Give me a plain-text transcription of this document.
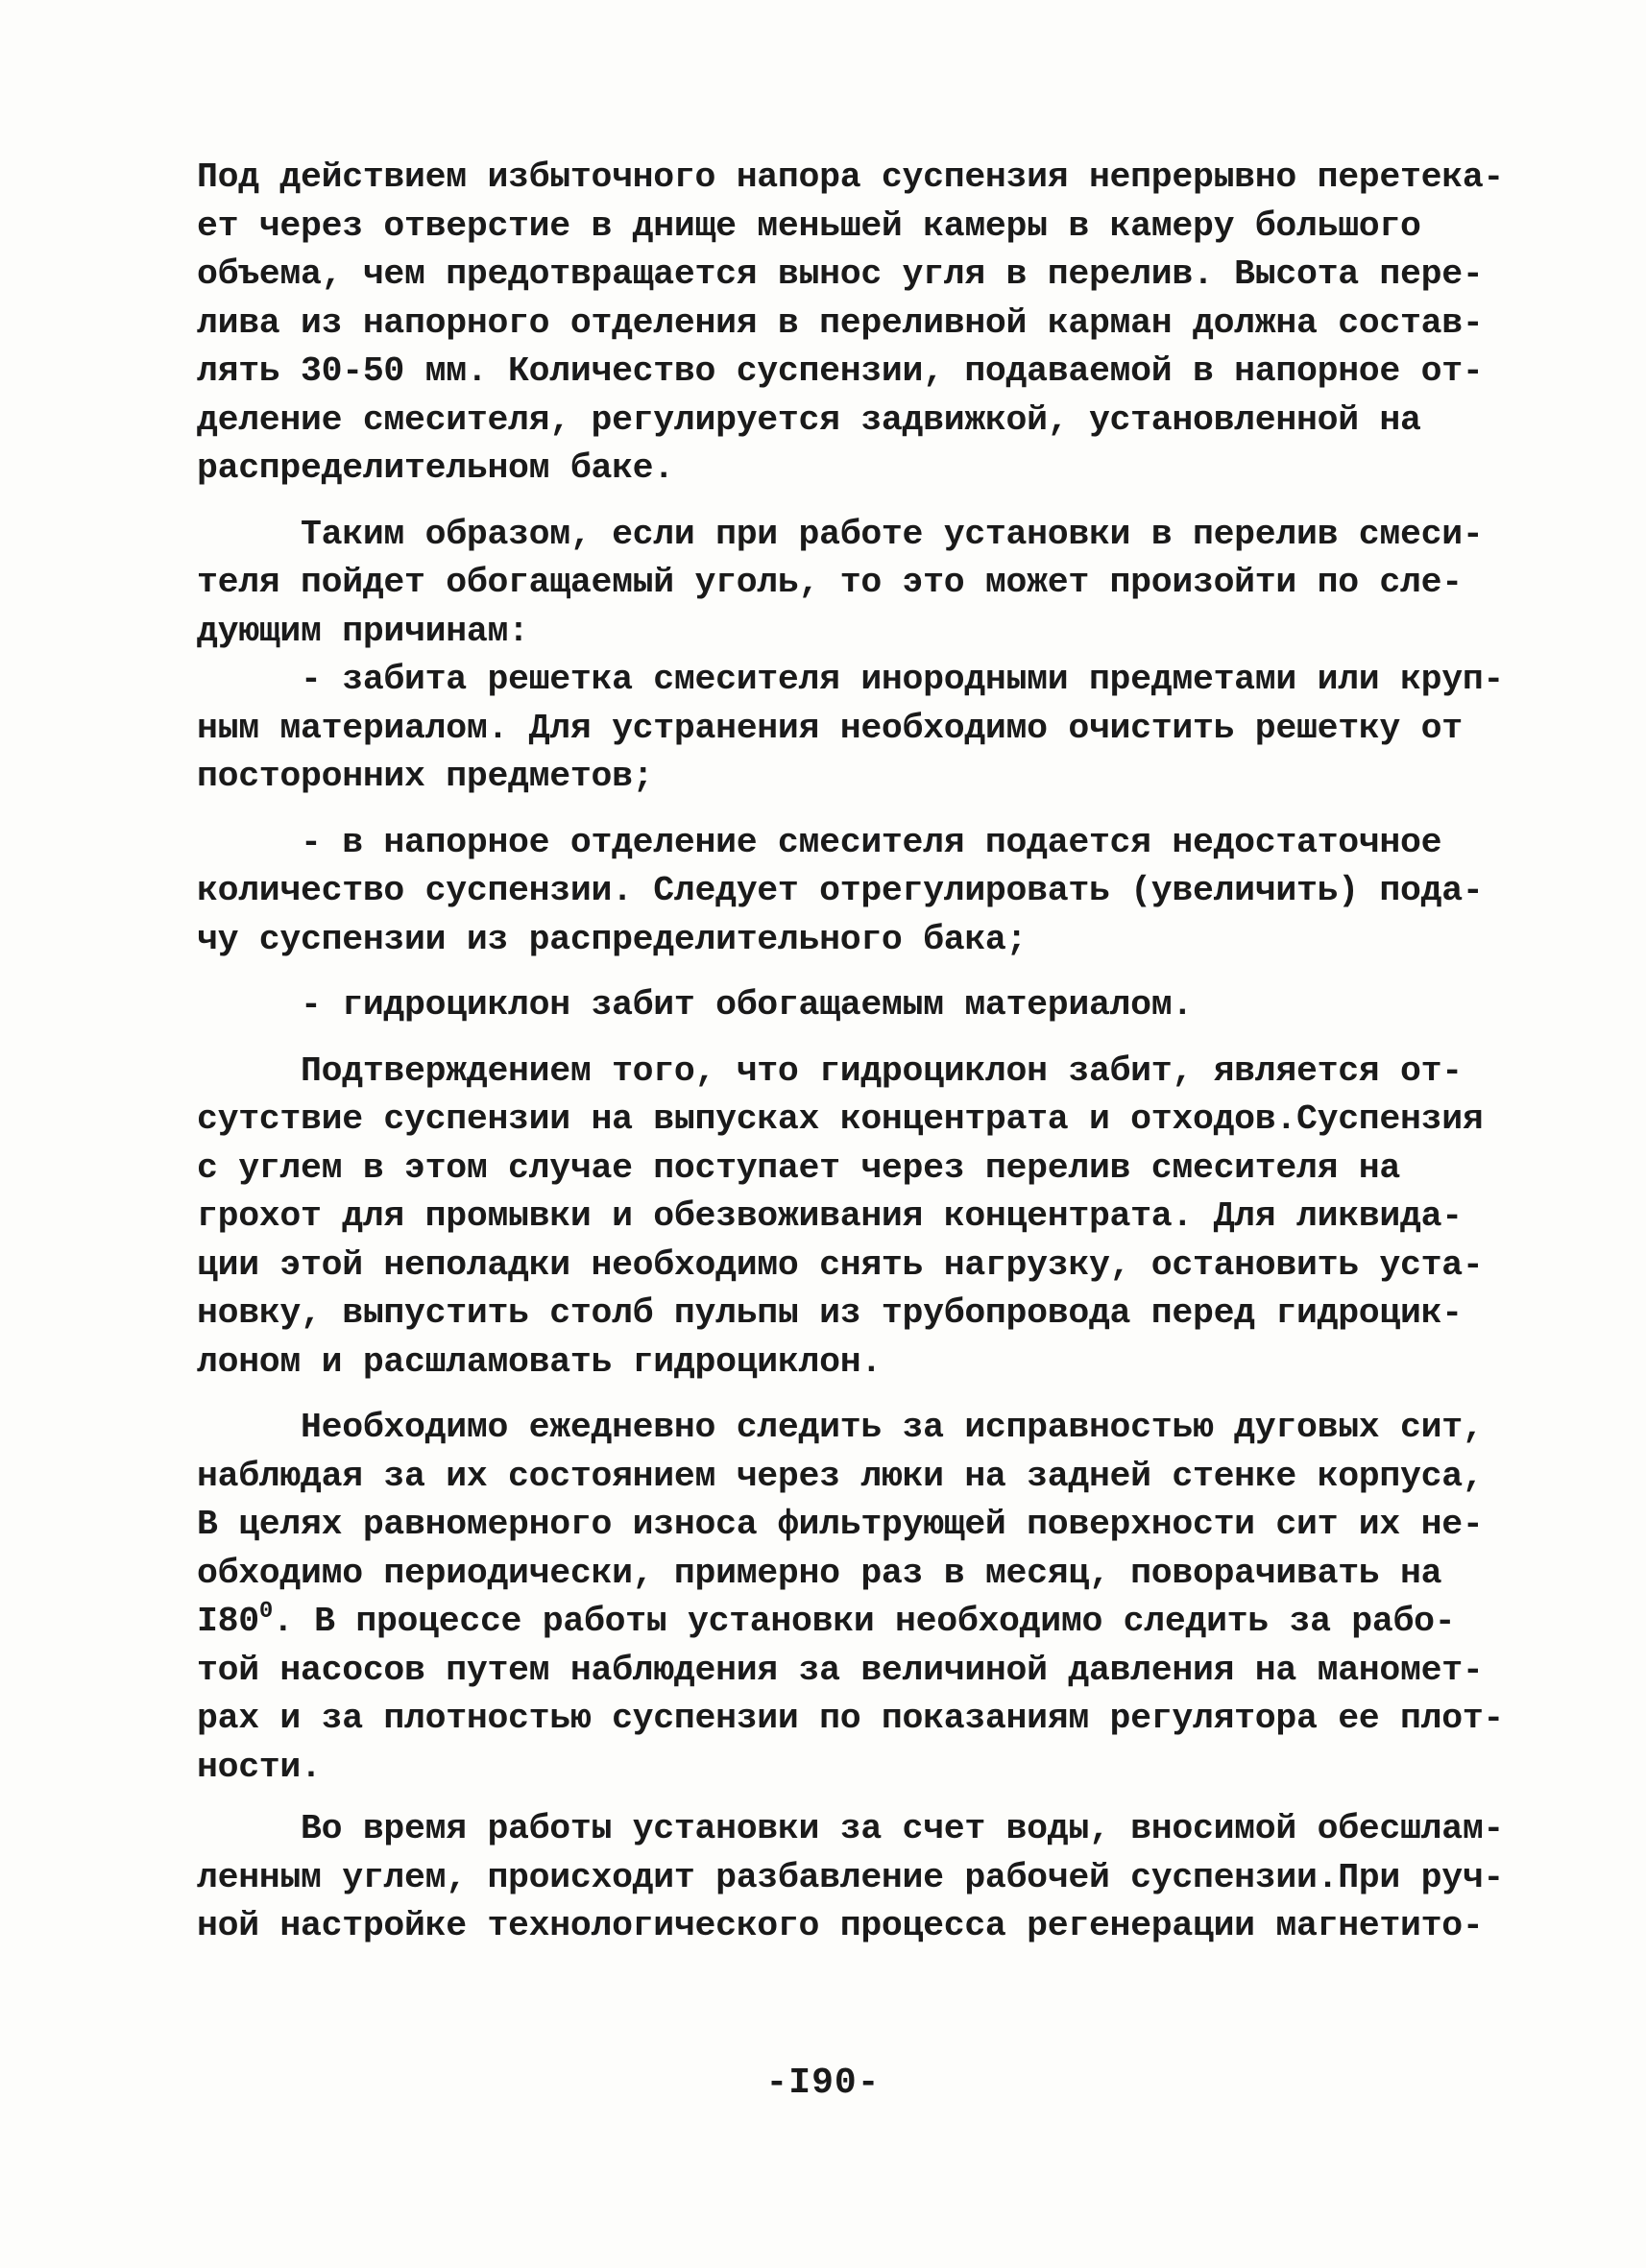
Под действием избыточного напора суспензия непрерывно перетека-
ет через отверстие в днище меньшей камеры в камеру большого
объема, чем предотвращается вынос угля в перелив. Высота пере-
лива из напорного отделения в переливной карман должна состав-
лять 30-50 мм. Количество суспензии, подаваемой в напорное от-
деление смесителя, регулируется задвижкой, установленной на
распределительном баке.
Таким образом, если при работе установки в перелив смеси-
теля пойдет обогащаемый уголь, то это может произойти по сле-
дующим причинам:
- забита решетка смесителя инородными предметами или круп-
ным материалом. Для устранения необходимо очистить решетку от
посторонних предметов;
- в напорное отделение смесителя подается недостаточное
количество суспензии. Следует отрегулировать (увеличить) пода-
чу суспензии из распределительного бака;
- гидроциклон забит обогащаемым материалом.
Подтверждением того, что гидроциклон забит, является от-
сутствие суспензии на выпусках концентрата и отходов.Суспензия
с углем в этом случае поступает через перелив смесителя на
грохот для промывки и обезвоживания концентрата. Для ликвида-
ции этой неполадки необходимо снять нагрузку, остановить уста-
новку, выпустить столб пульпы из трубопровода перед гидроцик-
лоном и расшламовать гидроциклон.
Необходимо ежедневно следить за исправностью дуговых сит,
наблюдая за их состоянием через люки на задней стенке корпуса,
В целях равномерного износа фильтрующей поверхности сит их не-
обходимо периодически, примерно раз в месяц, поворачивать на
$I80^0$. В процессе работы установки необходимо следить за рабо-
той насосов путем наблюдения за величиной давления на маномет-
рах и за плотностью суспензии по показаниям регулятора ее плот-
ности.
Во время работы установки за счет воды, вносимой обесшлам-
ленным углем, происходит разбавление рабочей суспензии.При руч-
ной настройке технологического процесса регенерации магнетито-
-I90-
